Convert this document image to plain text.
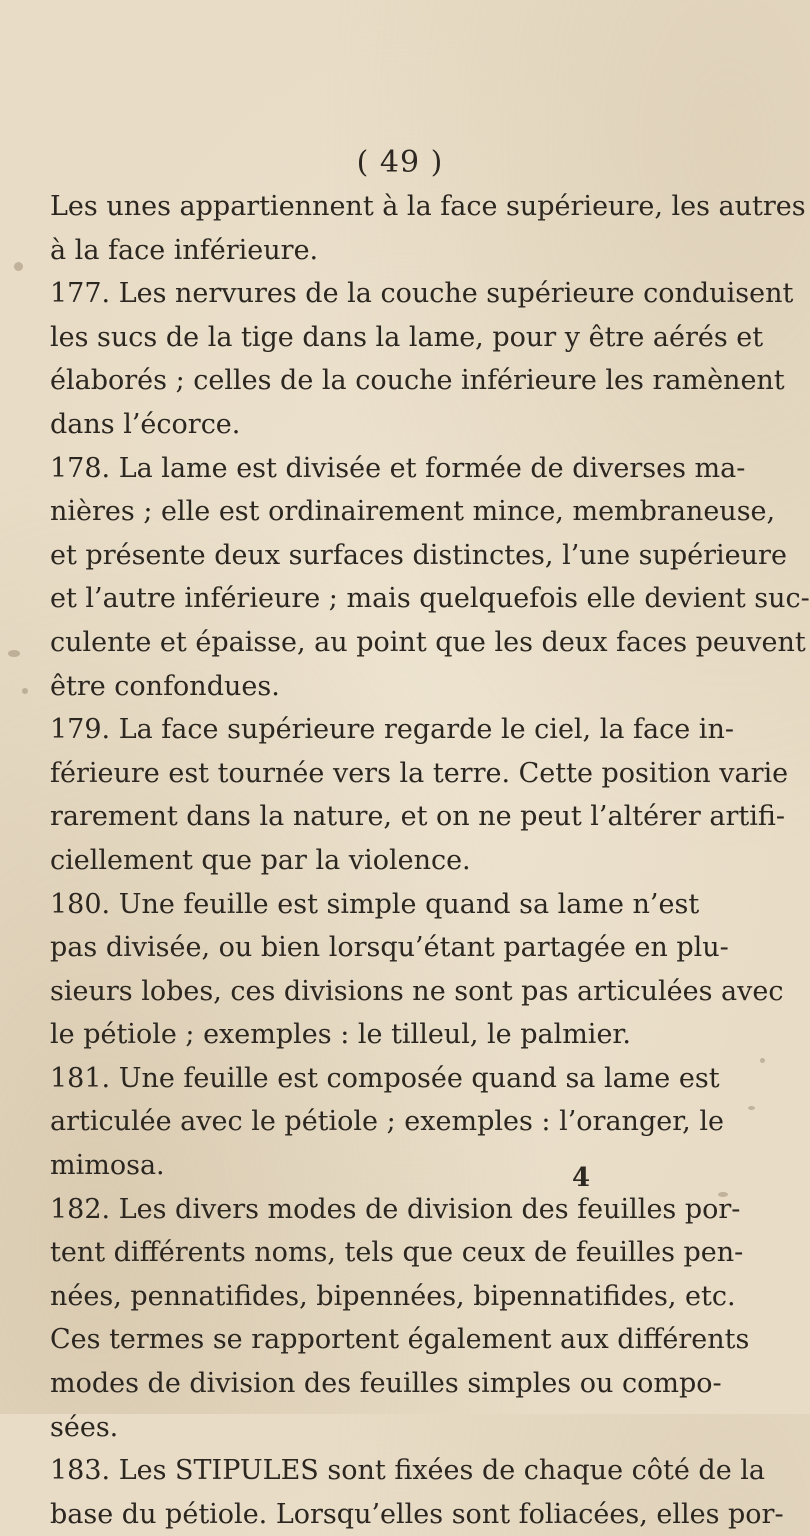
( 49 )
Les unes appartiennent à la face supérieure, les autres
à la face inférieure.
177. Les nervures de la couche supérieure conduisent
les sucs de la tige dans la lame, pour y être aérés et
élaborés ; celles de la couche inférieure les ramènent
dans l’écorce.
178. La lame est divisée et formée de diverses ma-
nières ; elle est ordinairement mince, membraneuse,
et présente deux surfaces distinctes, l’une supérieure
et l’autre inférieure ; mais quelquefois elle devient suc-
culente et épaisse, au point que les deux faces peuvent
être confondues.
179. La face supérieure regarde le ciel, la face in-
férieure est tournée vers la terre. Cette position varie
rarement dans la nature, et on ne peut l’altérer artifi-
ciellement que par la violence.
180. Une feuille est simple quand sa lame n’est
pas divisée, ou bien lorsqu’étant partagée en plu-
sieurs lobes, ces divisions ne sont pas articulées avec
le pétiole ; exemples : le tilleul, le palmier.
181. Une feuille est composée quand sa lame est
articulée avec le pétiole ; exemples : l’oranger, le
mimosa.
182. Les divers modes de division des feuilles por-
tent différents noms, tels que ceux de feuilles pen-
nées, pennatifides, bipennées, bipennatifides, etc.
Ces termes se rapportent également aux différents
modes de division des feuilles simples ou compo-
sées.
183. Les STIPULES sont fixées de chaque côté de la
base du pétiole. Lorsqu’elles sont foliacées, elles por-
4
